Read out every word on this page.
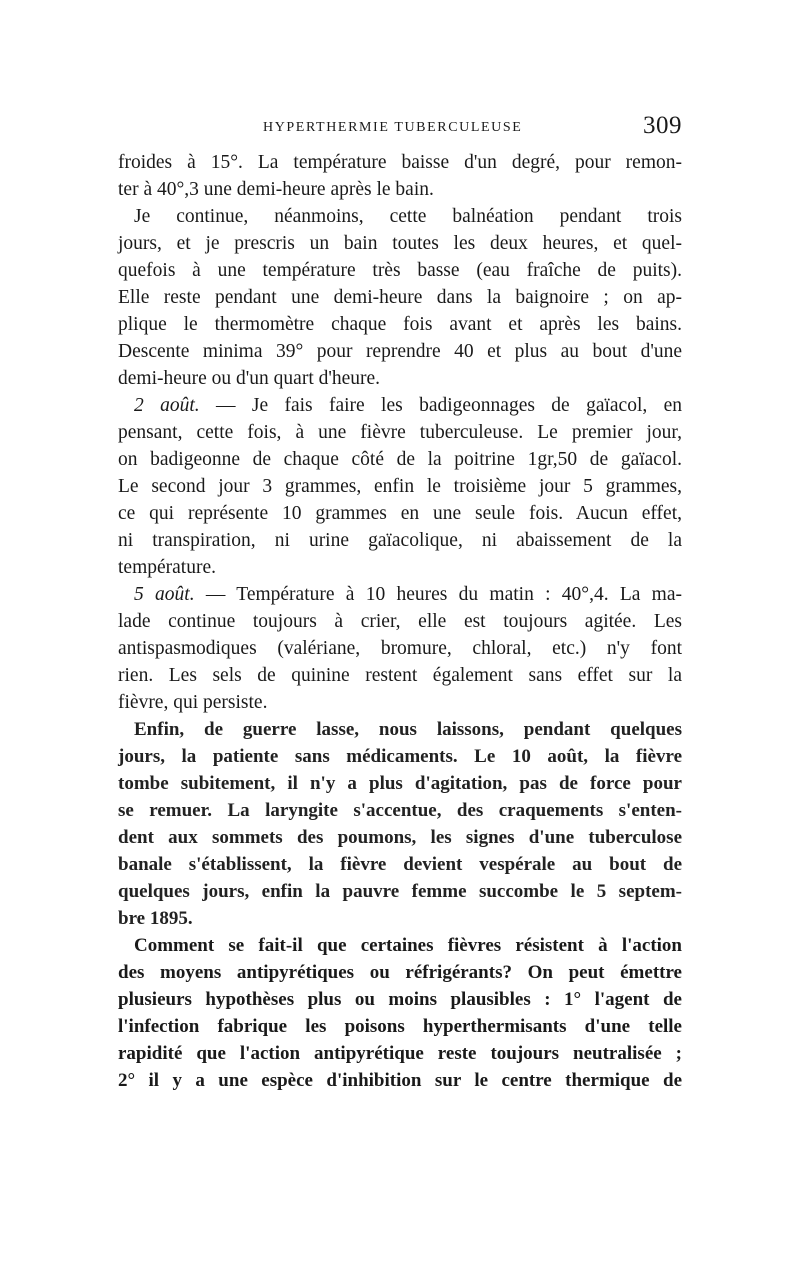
HYPERTHERMIE TUBERCULEUSE	309
froides à 15°. La température baisse d'un degré, pour remon-
ter à 40°,3 une demi-heure après le bain.
Je continue, néanmoins, cette balnéation pendant trois
jours, et je prescris un bain toutes les deux heures, et quel-
quefois à une température très basse (eau fraîche de puits).
Elle reste pendant une demi-heure dans la baignoire ; on ap-
plique le thermomètre chaque fois avant et après les bains.
Descente minima 39° pour reprendre 40 et plus au bout d'une
demi-heure ou d'un quart d'heure.
2 août. — Je fais faire les badigeonnages de gaïacol, en
pensant, cette fois, à une fièvre tuberculeuse. Le premier jour,
on badigeonne de chaque côté de la poitrine 1gr,50 de gaïacol.
Le second jour 3 grammes, enfin le troisième jour 5 grammes,
ce qui représente 10 grammes en une seule fois. Aucun effet,
ni transpiration, ni urine gaïacolique, ni abaissement de la
température.
5 août. — Température à 10 heures du matin : 40°,4. La ma-
lade continue toujours à crier, elle est toujours agitée. Les
antispasmodiques (valériane, bromure, chloral, etc.) n'y font
rien. Les sels de quinine restent également sans effet sur la
fièvre, qui persiste.
Enfin, de guerre lasse, nous laissons, pendant quelques
jours, la patiente sans médicaments. Le 10 août, la fièvre
tombe subitement, il n'y a plus d'agitation, pas de force pour
se remuer. La laryngite s'accentue, des craquements s'enten-
dent aux sommets des poumons, les signes d'une tuberculose
banale s'établissent, la fièvre devient vespérale au bout de
quelques jours, enfin la pauvre femme succombe le 5 septem-
bre 1895.
Comment se fait-il que certaines fièvres résistent à l'action
des moyens antipyrétiques ou réfrigérants? On peut émettre
plusieurs hypothèses plus ou moins plausibles : 1° l'agent de
l'infection fabrique les poisons hyperthermisants d'une telle
rapidité que l'action antipyrétique reste toujours neutralisée ;
2° il y a une espèce d'inhibition sur le centre thermique de
